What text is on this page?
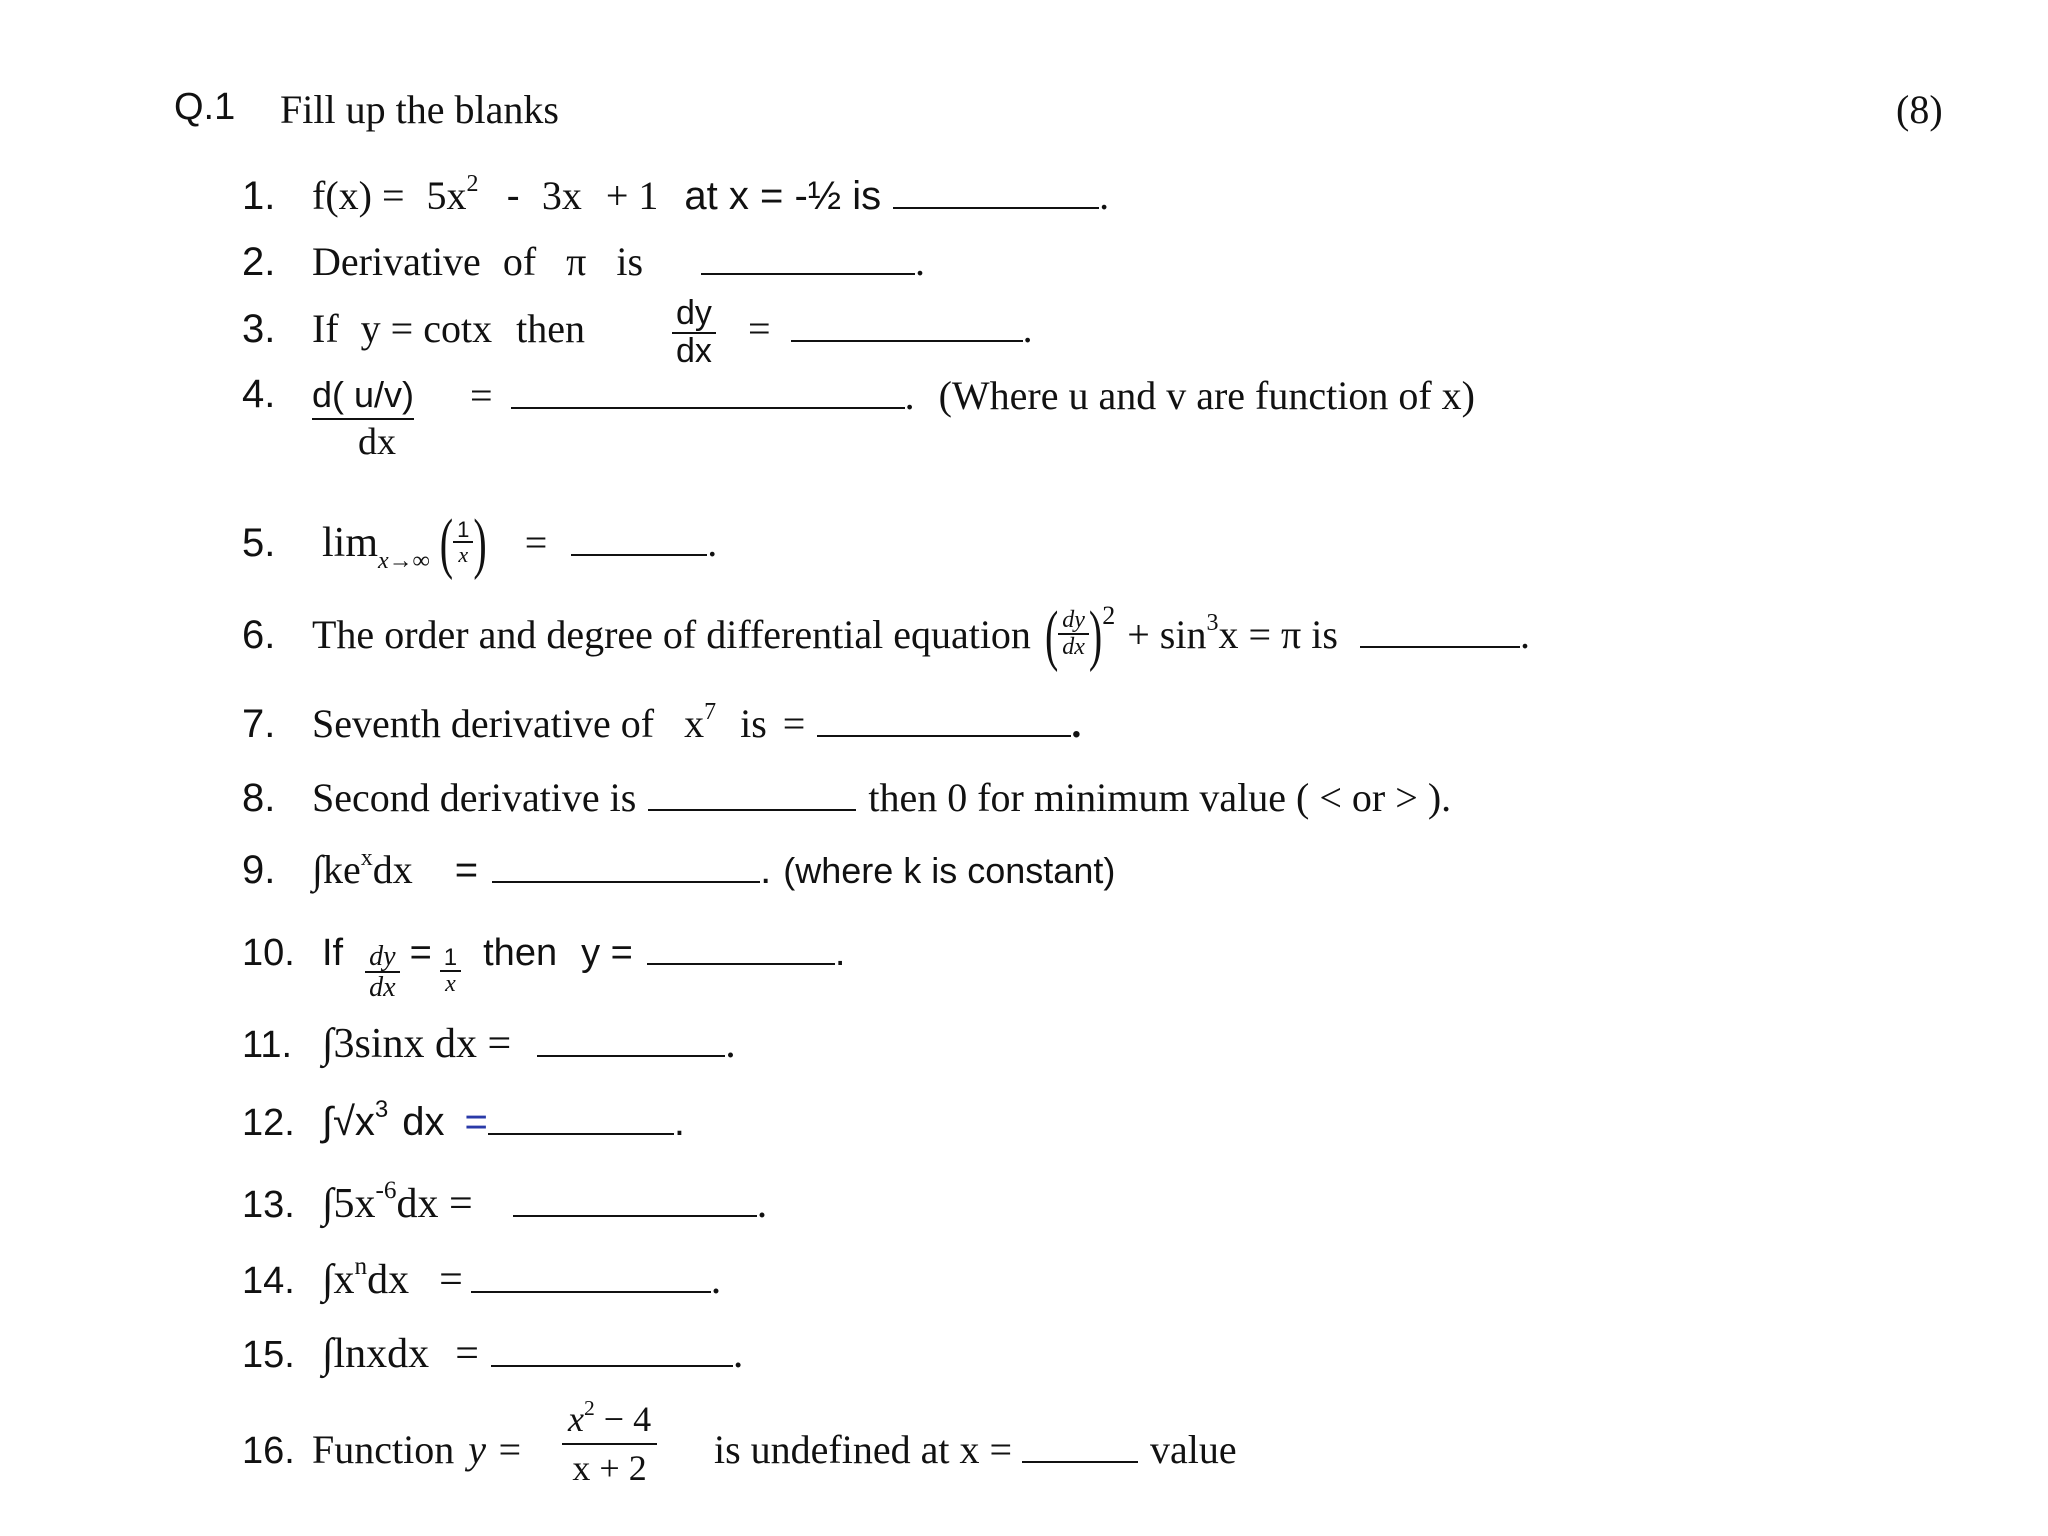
Q.1 Fill up the blanks	(8)
1. $f(x) = 5x^2 - 3x + 1$ at x = -½ is	.
2. Derivative of π is	.
3. If y = cotx then	$\frac{dy}{dx}$ =	.
4.	d( u/v)
dx
=	. (Where u and v are function of x)
5.	lim x→∞ ( $\frac{1}{x}$ ) =	.
6. The order and degree of differential equation ( $\frac{dy}{dx} )^2 + \sin^3x = \pi$ is	.
7. Seventh derivative of $x^7$ is =	.
8. Second derivative is	then 0 for minimum value ( < or > ).
9. $\int ke^xdx$ =	. (where k is constant)
10. If $\frac{dy}{dx} = \frac{1}{x}$ then y =	.
11. ∫3sinx dx =	.
12. $\int√x^3$ dx =	.
13. $\int 5x^{-6}dx$ =	.
14. $\int x^ndx$ =	.
15. ∫lnxdx =	.
16. Function $y = \frac{x^2 - 4}{x + 2}$ is undefined at x =	value
